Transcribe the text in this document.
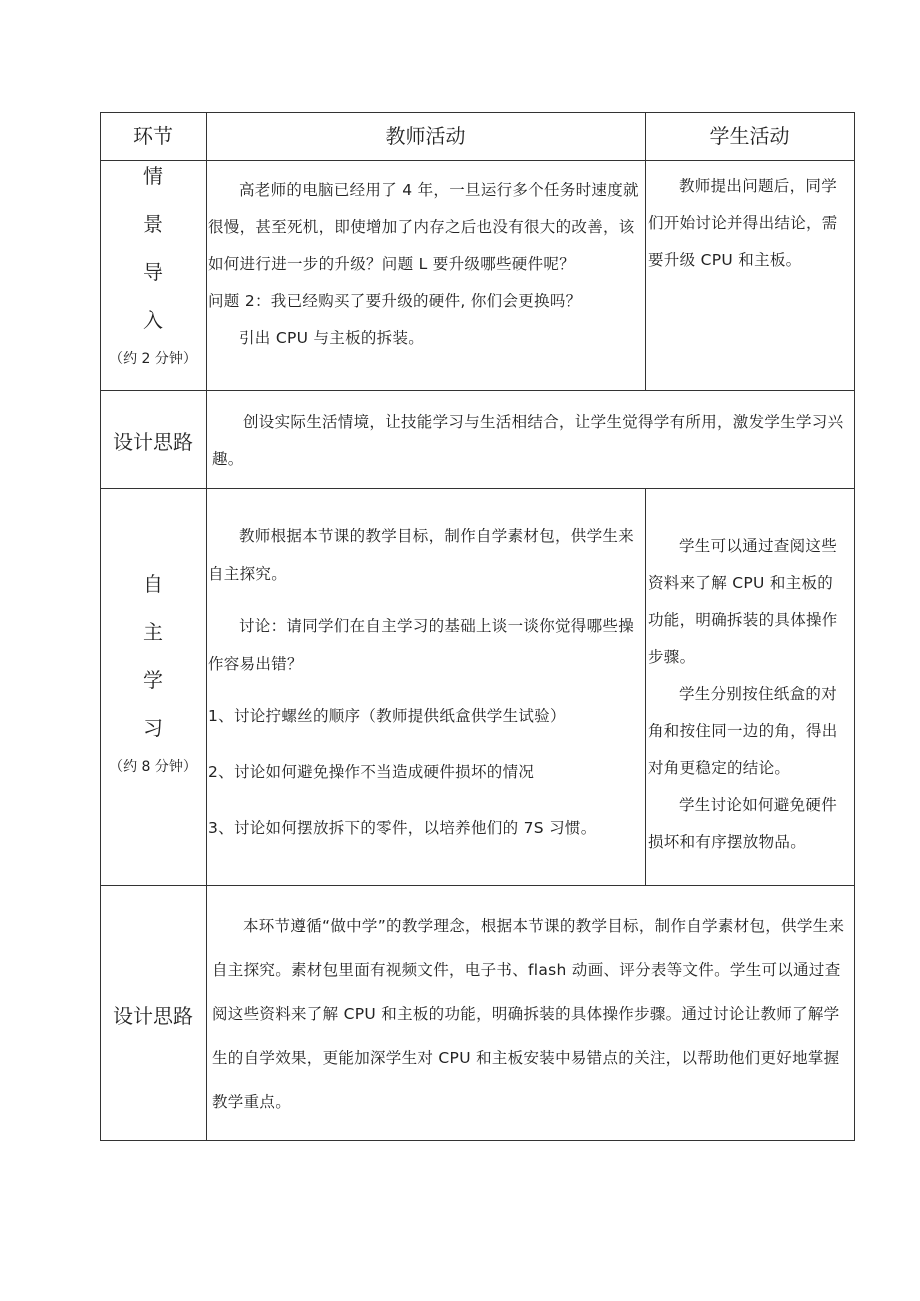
环节	教师活动	学生活动
情
景
导
入
（约 2 分钟）

高老师的电脑已经用了 4 年，一旦运行多个任务时速度就很慢，甚至死机，即使增加了内存之后也没有很大的改善，该如何进行进一步的升级？问题 L 要升级哪些硬件呢？

问题 2：我已经购买了要升级的硬件, 你们会更换吗？

引出 CPU 与主板的拆装。

教师提出问题后，同学们开始讨论并得出结论，需要升级 CPU 和主板。

设计思路

创设实际生活情境，让技能学习与生活相结合，让学生觉得学有所用，激发学生学习兴趣。

自
主
学
习
（约 8 分钟）

教师根据本节课的教学目标，制作自学素材包，供学生来自主探究。

讨论：请同学们在自主学习的基础上谈一谈你觉得哪些操作容易出错？

1、讨论拧螺丝的顺序（教师提供纸盒供学生试验）

2、讨论如何避免操作不当造成硬件损坏的情况

3、讨论如何摆放拆下的零件，以培养他们的 7S 习惯。

学生可以通过查阅这些资料来了解 CPU 和主板的功能，明确拆装的具体操作步骤。

学生分别按住纸盒的对角和按住同一边的角，得出对角更稳定的结论。

学生讨论如何避免硬件损坏和有序摆放物品。

设计思路

本环节遵循“做中学”的教学理念，根据本节课的教学目标，制作自学素材包，供学生来自主探究。素材包里面有视频文件，电子书、flash 动画、评分表等文件。学生可以通过查阅这些资料来了解 CPU 和主板的功能，明确拆装的具体操作步骤。通过讨论让教师了解学生的自学效果，更能加深学生对 CPU 和主板安装中易错点的关注，以帮助他们更好地掌握教学重点。
